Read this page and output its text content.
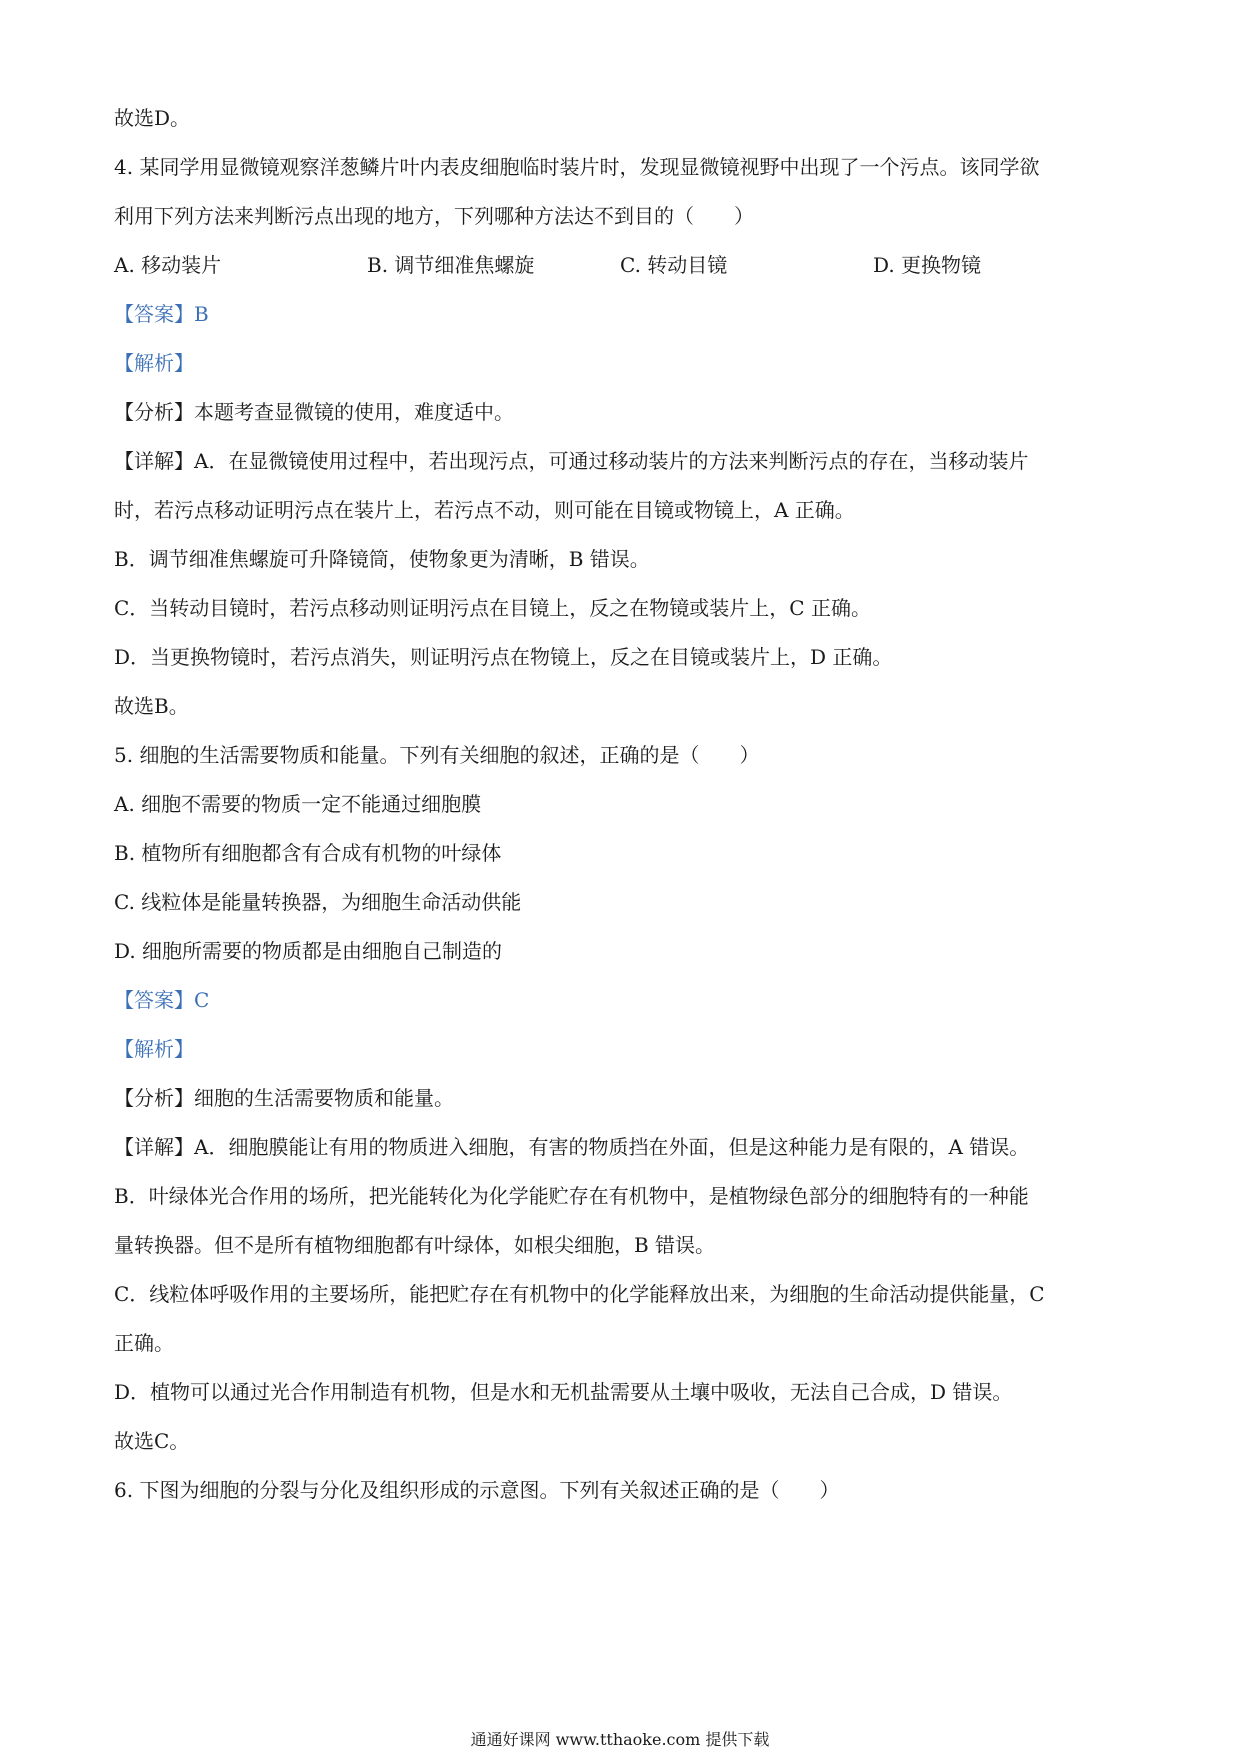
故选D。
4. 某同学用显微镜观察洋葱鳞片叶内表皮细胞临时装片时，发现显微镜视野中出现了一个污点。该同学欲
利用下列方法来判断污点出现的地方，下列哪种方法达不到目的（　　）
A. 移动装片	B. 调节细准焦螺旋	C. 转动目镜	D. 更换物镜
【答案】B
【解析】
【分析】本题考查显微镜的使用，难度适中。
【详解】A．在显微镜使用过程中，若出现污点，可通过移动装片的方法来判断污点的存在，当移动装片
时，若污点移动证明污点在装片上，若污点不动，则可能在目镜或物镜上，A 正确。
B．调节细准焦螺旋可升降镜筒，使物象更为清晰，B 错误。
C．当转动目镜时，若污点移动则证明污点在目镜上，反之在物镜或装片上，C 正确。
D．当更换物镜时，若污点消失，则证明污点在物镜上，反之在目镜或装片上，D 正确。
故选B。
5. 细胞的生活需要物质和能量。下列有关细胞的叙述，正确的是（　　）
A. 细胞不需要的物质一定不能通过细胞膜
B. 植物所有细胞都含有合成有机物的叶绿体
C. 线粒体是能量转换器，为细胞生命活动供能
D. 细胞所需要的物质都是由细胞自己制造的
【答案】C
【解析】
【分析】细胞的生活需要物质和能量。
【详解】A．细胞膜能让有用的物质进入细胞，有害的物质挡在外面，但是这种能力是有限的，A 错误。
B．叶绿体光合作用的场所，把光能转化为化学能贮存在有机物中，是植物绿色部分的细胞特有的一种能
量转换器。但不是所有植物细胞都有叶绿体，如根尖细胞，B 错误。
C．线粒体呼吸作用的主要场所，能把贮存在有机物中的化学能释放出来，为细胞的生命活动提供能量，C
正确。
D．植物可以通过光合作用制造有机物，但是水和无机盐需要从土壤中吸收，无法自己合成，D 错误。
故选C。
6. 下图为细胞的分裂与分化及组织形成的示意图。下列有关叙述正确的是（　　）
通通好课网 www.tthaoke.com 提供下载
